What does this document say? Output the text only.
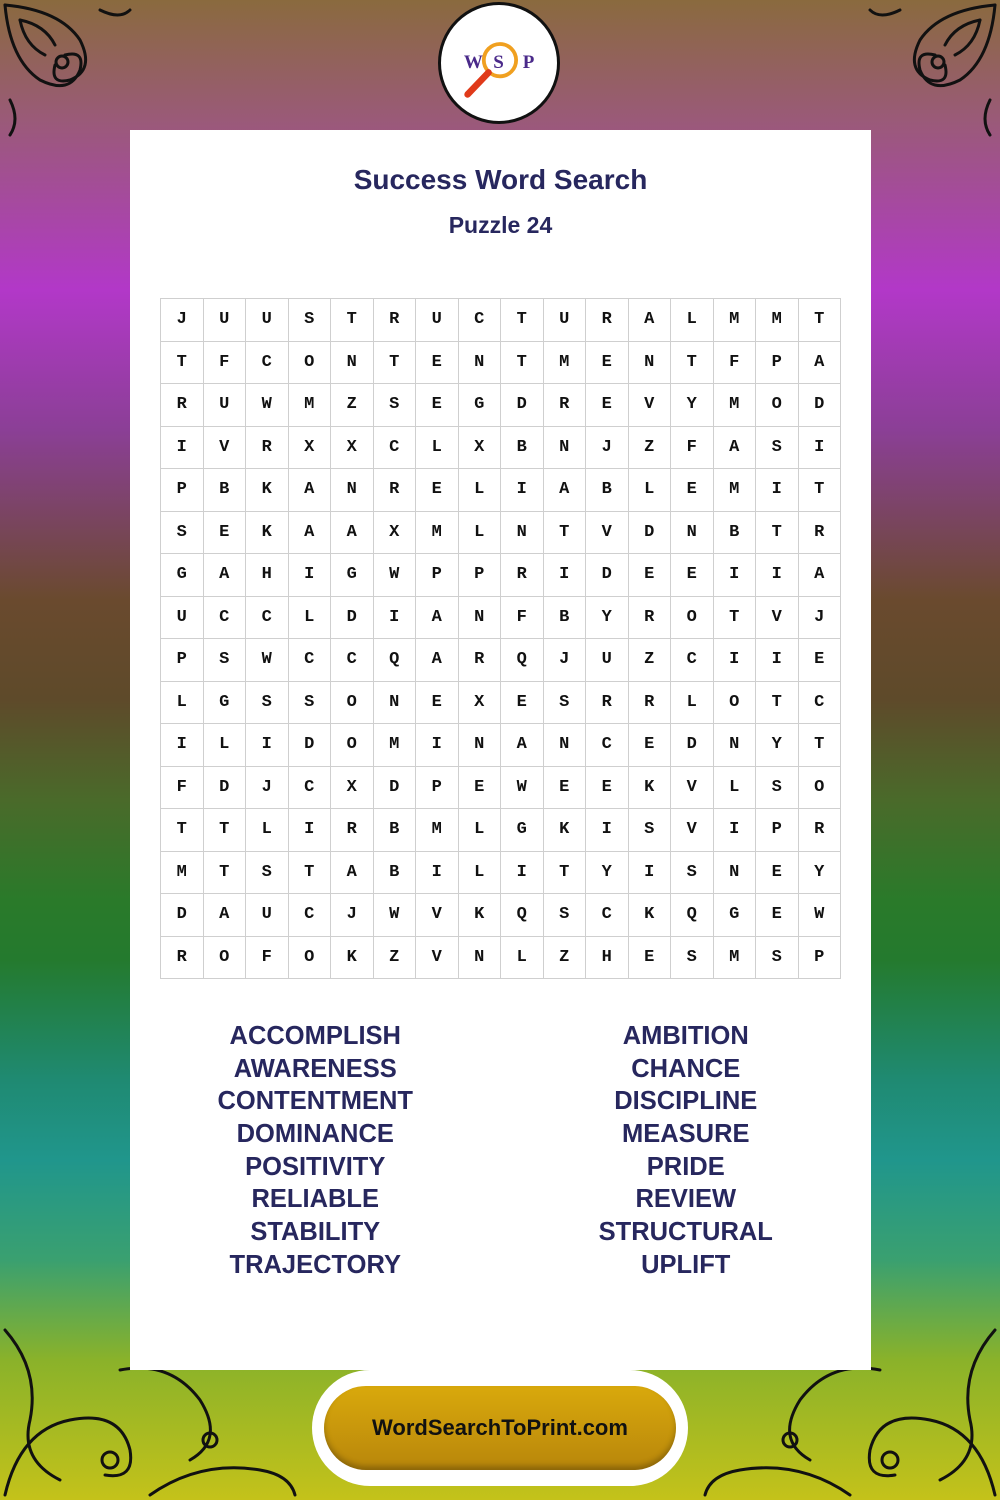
W S P
Success Word Search
Puzzle 24
J	U	U	S	T	R	U	C	T	U	R	A	L	M	M	T
T	F	C	O	N	T	E	N	T	M	E	N	T	F	P	A
R	U	W	M	Z	S	E	G	D	R	E	V	Y	M	O	D
I	V	R	X	X	C	L	X	B	N	J	Z	F	A	S	I
P	B	K	A	N	R	E	L	I	A	B	L	E	M	I	T
S	E	K	A	A	X	M	L	N	T	V	D	N	B	T	R
G	A	H	I	G	W	P	P	R	I	D	E	E	I	I	A
U	C	C	L	D	I	A	N	F	B	Y	R	O	T	V	J
P	S	W	C	C	Q	A	R	Q	J	U	Z	C	I	I	E
L	G	S	S	O	N	E	X	E	S	R	R	L	O	T	C
I	L	I	D	O	M	I	N	A	N	C	E	D	N	Y	T
F	D	J	C	X	D	P	E	W	E	E	K	V	L	S	O
T	T	L	I	R	B	M	L	G	K	I	S	V	I	P	R
M	T	S	T	A	B	I	L	I	T	Y	I	S	N	E	Y
D	A	U	C	J	W	V	K	Q	S	C	K	Q	G	E	W
R	O	F	O	K	Z	V	N	L	Z	H	E	S	M	S	P
ACCOMPLISH
AWARENESS
CONTENTMENT
DOMINANCE
POSITIVITY
RELIABLE
STABILITY
TRAJECTORY
AMBITION
CHANCE
DISCIPLINE
MEASURE
PRIDE
REVIEW
STRUCTURAL
UPLIFT
WordSearchToPrint.com
